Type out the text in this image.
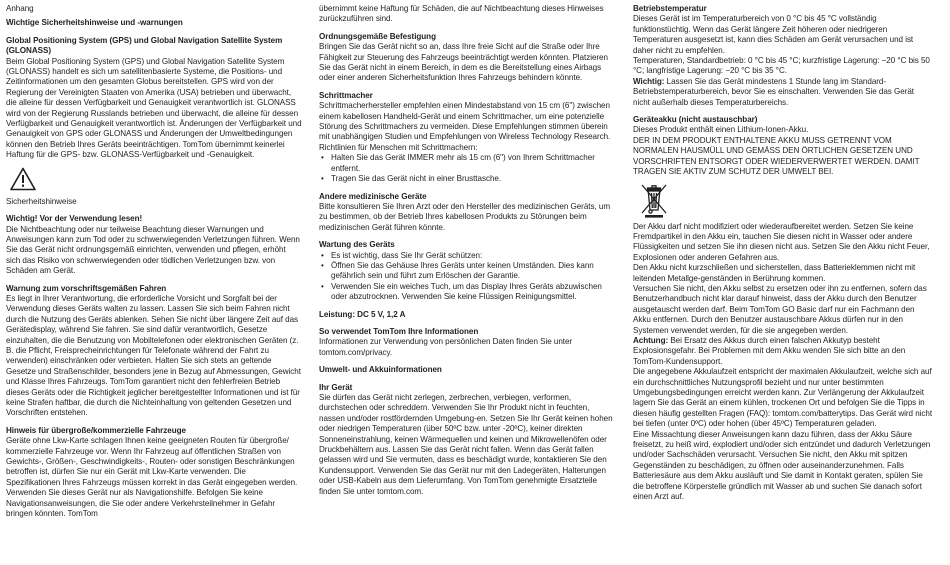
Anhang

Wichtige Sicherheitshinweise und -warnungen

Global Positioning System (GPS) und Global Navigation Satellite System (GLONASS)

Beim Global Positioning System (GPS) und Global Navigation Satellite System (GLONASS) handelt es sich um satellitenbasierte Systeme, die Positions- und Zeitinformationen um den gesamten Globus bereitstellen. GPS wird von der Regierung der Vereinigten Staaten von Amerika (USA) betrieben und überwacht, die alleine für dessen Verfügbarkeit und Genauigkeit verantwortlich ist. GLONASS wird von der Regierung Russlands betrieben und überwacht, die alleine für dessen Verfügbarkeit und Genauigkeit verantwortlich ist. Änderungen der Verfügbarkeit und Genauigkeit von GPS oder GLONASS und Änderungen der Umweltbedingungen können den Betrieb Ihres Geräts beeinträchtigen. TomTom übernimmt keinerlei Haftung für die GPS- bzw. GLONASS-Verfügbarkeit und -Genauigkeit.

Sicherheitshinweise

Wichtig! Vor der Verwendung lesen!

Die Nichtbeachtung oder nur teilweise Beachtung dieser Warnungen und Anweisungen kann zum Tod oder zu schwerwiegenden Verletzungen führen. Wenn Sie das Gerät nicht ordnungsgemäß einrichten, verwenden und pflegen, erhöht sich das Risiko von schwerwiegenden oder tödlichen Verletzungen bzw. von Schäden am Gerät.

Warnung zum vorschriftsgemäßen Fahren

Es liegt in Ihrer Verantwortung, die erforderliche Vorsicht und Sorgfalt bei der Verwendung dieses Geräts walten zu lassen. Lassen Sie sich beim Fahren nicht durch die Nutzung des Geräts ablenken. Sehen Sie nicht über längere Zeit auf das Gerätedisplay, während Sie fahren. Sie sind dafür verantwortlich, Gesetze einzuhalten, die die Benutzung von Mobiltelefonen oder elektronischen Geräten (z. B. die Pflicht, Freisprecheinrichtungen für Telefonate während der Fahrt zu verwenden) einschränken oder verbieten. Halten Sie sich stets an geltende Gesetze und Straßenschilder, besonders jene in Bezug auf Abmessungen, Gewicht und Klasse Ihres Fahrzeugs. TomTom garantiert nicht den fehlerfreien Betrieb dieses Geräts oder die Richtigkeit jeglicher bereitgestellter Informationen und ist für keine Strafen haftbar, die durch die Nichteinhaltung von geltenden Gesetzen und Vorschriften entstehen.

Hinweis für übergroße/kommerzielle Fahrzeuge

Geräte ohne Lkw-Karte schlagen Ihnen keine geeigneten Routen für übergroße/ kommerzielle Fahrzeuge vor. Wenn Ihr Fahrzeug auf öffentlichen Straßen von Gewichts-, Größen-, Geschwindigkeits-, Routen- oder sonstigen Beschränkungen betroffen ist, dürfen Sie nur ein Gerät mit Lkw-Karte verwenden. Die Spezifikationen Ihres Fahrzeugs müssen korrekt in das Gerät eingegeben werden. Verwenden Sie dieses Gerät nur als Navigationshilfe. Befolgen Sie keine Navigationsanweisungen, die Sie oder andere Verkehrsteilnehmer in Gefahr bringen könnten. TomTom

übernimmt keine Haftung für Schäden, die auf Nichtbeachtung dieses Hinweises zurückzuführen sind.

Ordnungsgemäße Befestigung

Bringen Sie das Gerät nicht so an, dass Ihre freie Sicht auf die Straße oder Ihre Fähigkeit zur Steuerung des Fahrzeugs beeinträchtigt werden könnten. Platzieren Sie das Gerät nicht in einem Bereich, in dem es die Bereitstellung eines Airbags oder einer anderen Sicherheitsfunktion Ihres Fahrzeugs behindern könnte.

Schrittmacher

Schrittmacherhersteller empfehlen einen Mindestabstand von 15 cm (6") zwischen einem kabellosen Handheld-Gerät und einem Schrittmacher, um eine potenzielle Störung des Schrittmachers zu vermeiden. Diese Empfehlungen stimmen überein mit unabhängigen Studien und Empfehlungen von Wireless Technology Research. Richtlinien für Menschen mit Schrittmachern:

• Halten Sie das Gerät IMMER mehr als 15 cm (6") von Ihrem Schrittmacher entfernt.
• Tragen Sie das Gerät nicht in einer Brusttasche.

Andere medizinische Geräte

Bitte konsultieren Sie Ihren Arzt oder den Hersteller des medizinischen Geräts, um zu bestimmen, ob der Betrieb Ihres kabellosen Produkts zu Störungen beim medizinischen Gerät führen könnte.

Wartung des Geräts

• Es ist wichtig, dass Sie Ihr Gerät schützen:
• Öffnen Sie das Gehäuse Ihres Geräts unter keinen Umständen. Dies kann gefährlich sein und führt zum Erlöschen der Garantie.
• Verwenden Sie ein weiches Tuch, um das Display Ihres Geräts abzuwischen oder abzutrocknen. Verwenden Sie keine Flüssigen Reinigungsmittel.

Leistung: DC 5 V, 1,2 A

So verwendet TomTom Ihre Informationen

Informationen zur Verwendung von persönlichen Daten finden Sie unter tomtom.com/privacy.

Umwelt- und Akkuinformationen

Ihr Gerät

Sie dürfen das Gerät nicht zerlegen, zerbrechen, verbiegen, verformen, durchstechen oder schreddern. Verwenden Sie Ihr Produkt nicht in feuchten, nassen und/oder rostfördernden Umgebung-en. Setzen Sie Ihr Gerät keinen hohen oder niedrigen Temperaturen (über 50ºC bzw. unter -20ºC), keiner direkten Sonneneinstrahlung, keinen Wärmequellen und keinen und Mikrowellenöfen oder Druckbehältern aus. Lassen Sie das Gerät nicht fallen. Wenn das Gerät fallen gelassen wird und Sie vermuten, dass es beschädigt wurde, kontaktieren Sie den Kundensupport. Verwenden Sie das Gerät nur mit den Ladegeräten, Halterungen oder USB-Kabeln aus dem Lieferumfang. Von TomTom genehmigte Ersatzteile finden Sie unter tomtom.com.

Betriebstemperatur

Dieses Gerät ist im Temperaturbereich von 0 °C bis 45 °C vollständig funktionstüchtig. Wenn das Gerät längere Zeit höheren oder niedrigeren Temperaturen ausgesetzt ist, kann dies Schäden am Gerät verursachen und ist daher nicht zu empfehlen.

Temperaturen, Standardbetrieb: 0 °C bis 45 °C; kurzfristige Lagerung: −20 °C bis 50 °C; langfristige Lagerung: −20 °C bis 35 °C.

Wichtig: Lassen Sie das Gerät mindestens 1 Stunde lang im Standard-Betriebstemperaturbereich, bevor Sie es einschalten. Verwenden Sie das Gerät nicht außerhalb dieses Temperaturbereichs.

Geräteakku (nicht austauschbar)

Dieses Produkt enthält einen Lithium-Ionen-Akku.

DER IN DEM PRODUKT ENTHALTENE AKKU MUSS GETRENNT VOM NORMALEN HAUSMÜLL UND GEMÄSS DEN ÖRTLICHEN GESETZEN UND VORSCHRIFTEN ENTSORGT ODER WIEDERVERWERTET WERDEN. DAMIT TRAGEN SIE AKTIV ZUM SCHUTZ DER UMWELT BEI.

Der Akku darf nicht modifiziert oder wiederaufbereitet werden. Setzen Sie keine Fremdpartikel in den Akku ein, tauchen Sie diesen nicht in Wasser oder andere Flüssigkeiten und setzen Sie ihn diesen nicht aus. Setzen Sie den Akku nicht Feuer, Explosionen oder anderen Gefahren aus.

Den Akku nicht kurzschließen und sicherstellen, dass Batterieklemmen nicht mit leitenden Metallge-genständen in Berührung kommen.

Versuchen Sie nicht, den Akku selbst zu ersetzen oder ihn zu entfernen, sofern das Benutzerhandbuch nicht klar darauf hinweist, dass der Akku durch den Benutzer ausgetauscht werden darf. Beim TomTom GO Basic darf nur ein Fachmann den Akku entfernen. Durch den Benutzer austauschbare Akkus dürfen nur in den Systemen verwendet werden, für die sie angegeben werden.

Achtung: Bei Ersatz des Akkus durch einen falschen Akkutyp besteht Explosionsgefahr. Bei Problemen mit dem Akku wenden Sie sich bitte an den TomTom-Kundensupport.

Die angegebene Akkulaufzeit entspricht der maximalen Akkulaufzeit, welche sich auf ein durchschnittliches Nutzungsprofil bezieht und nur unter bestimmten Umgebungsbedingungen erreicht werden kann. Zur Verlängerung der Akkulaufzeit lagern Sie das Gerät an einem kühlen, trockenen Ort und befolgen Sie die Tipps in diesen häufig gestellten Fragen (FAQ): tomtom.com/batterytips. Das Gerät wird nicht bei tiefen (unter 0ºC) oder hohen (über 45ºC) Temperaturen geladen.

Eine Missachtung dieser Anweisungen kann dazu führen, dass der Akku Säure freisetzt, zu heiß wird, explodiert und/oder sich entzündet und dadurch Verletzungen und/oder Sachschäden verursacht. Versuchen Sie nicht, den Akku mit spitzen Gegenständen zu beschädigen, zu öffnen oder auseinanderzunehmen. Falls Batteriesäure aus dem Akku ausläuft und Sie damit in Kontakt geraten, spülen Sie die betroffene Körperstelle gründlich mit Wasser ab und suchen Sie danach sofort einen Arzt auf.
